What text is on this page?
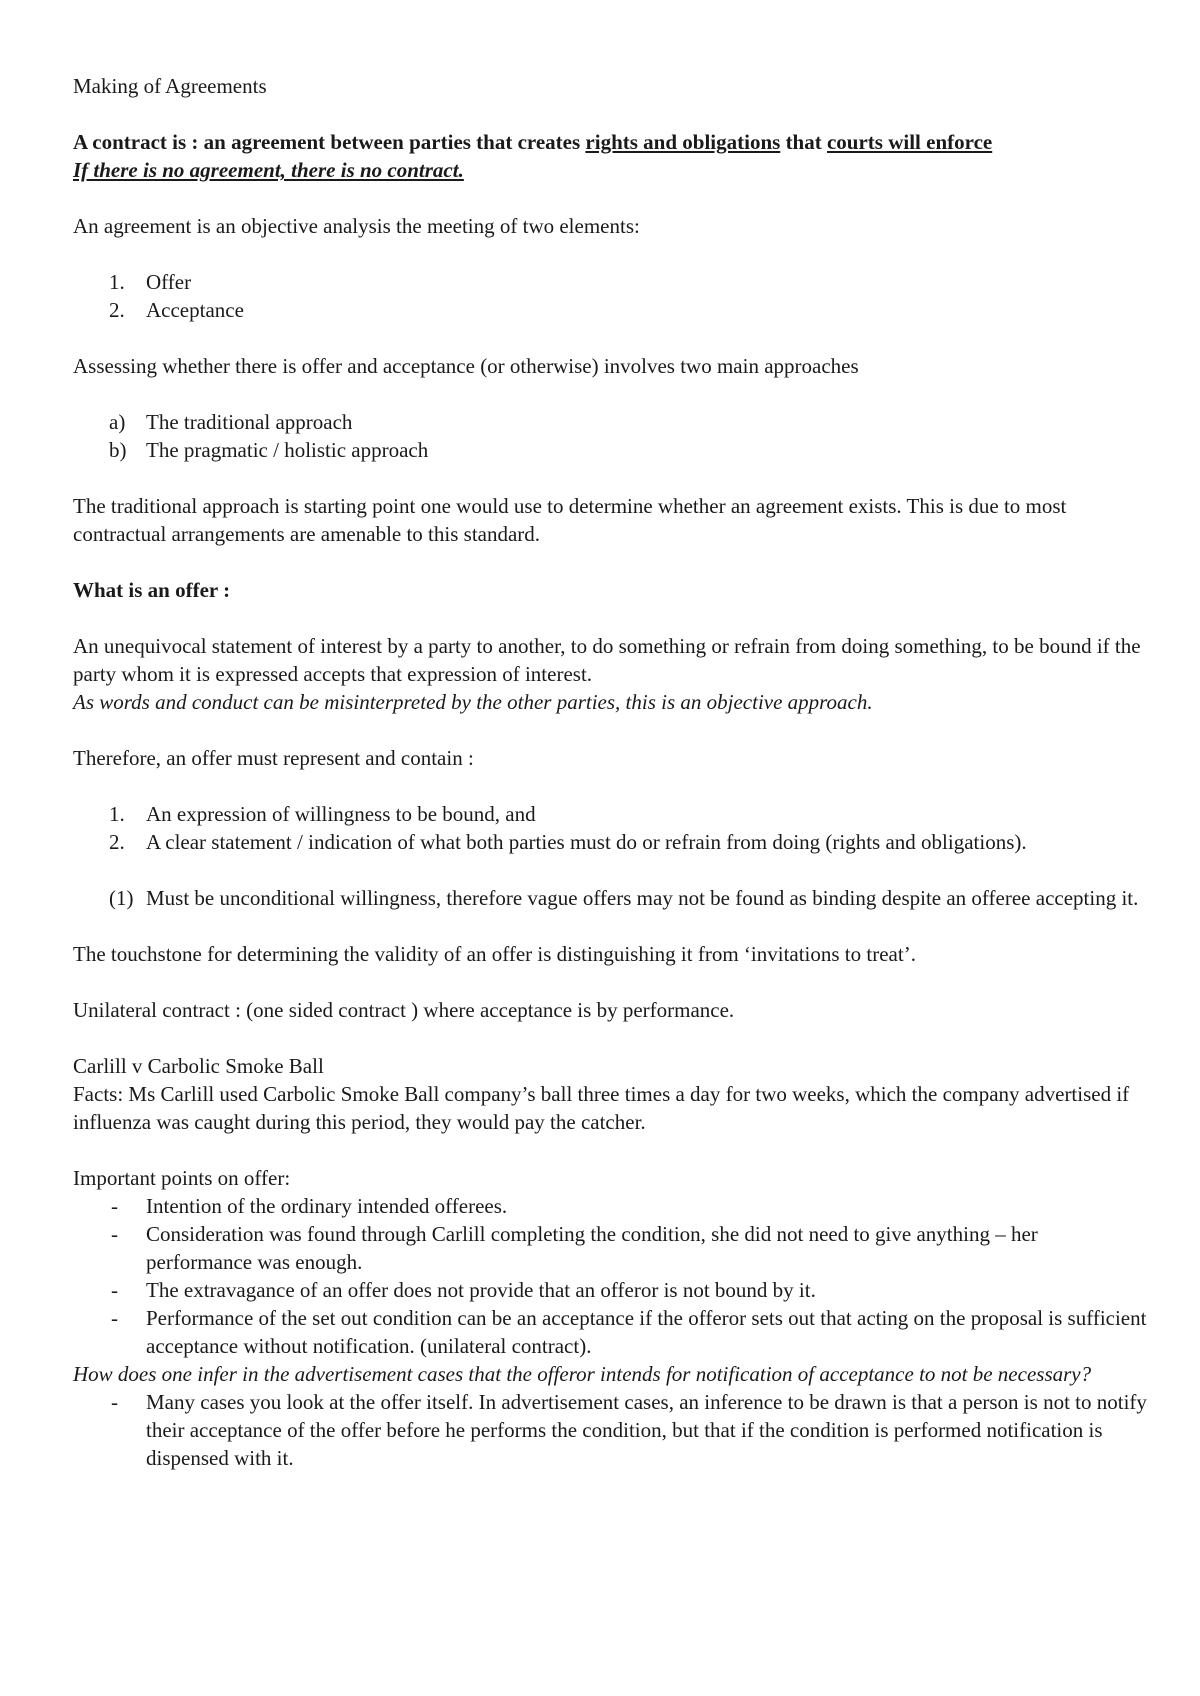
Making of Agreements

A contract is : an agreement between parties that creates rights and obligations that courts will enforce

If there is no agreement, there is no contract.

An agreement is an objective analysis the meeting of two elements:

1. Offer
2. Acceptance

Assessing whether there is offer and acceptance (or otherwise) involves two main approaches

a) The traditional approach
b) The pragmatic / holistic approach

The traditional approach is starting point one would use to determine whether an agreement exists. This is due to most contractual arrangements are amenable to this standard.

What is an offer :

An unequivocal statement of interest by a party to another, to do something or refrain from doing something, to be bound if the party whom it is expressed accepts that expression of interest.

As words and conduct can be misinterpreted by the other parties, this is an objective approach.

Therefore, an offer must represent and contain :

1. An expression of willingness to be bound, and
2. A clear statement / indication of what both parties must do or refrain from doing (rights and obligations).
(1) Must be unconditional willingness, therefore vague offers may not be found as binding despite an offeree accepting it.

The touchstone for determining the validity of an offer is distinguishing it from ‘invitations to treat’.

Unilateral contract : (one sided contract ) where acceptance is by performance.

Carlill v Carbolic Smoke Ball

Facts: Ms Carlill used Carbolic Smoke Ball company’s ball three times a day for two weeks, which the company advertised if influenza was caught during this period, they would pay the catcher.

Important points on offer:

- Intention of the ordinary intended offerees.
- Consideration was found through Carlill completing the condition, she did not need to give anything – her performance was enough.
- The extravagance of an offer does not provide that an offeror is not bound by it.
- Performance of the set out condition can be an acceptance if the offeror sets out that acting on the proposal is sufficient acceptance without notification. (unilateral contract).

How does one infer in the advertisement cases that the offeror intends for notification of acceptance to not be necessary?

- Many cases you look at the offer itself. In advertisement cases, an inference to be drawn is that a person is not to notify their acceptance of the offer before he performs the condition, but that if the condition is performed notification is dispensed with it.
